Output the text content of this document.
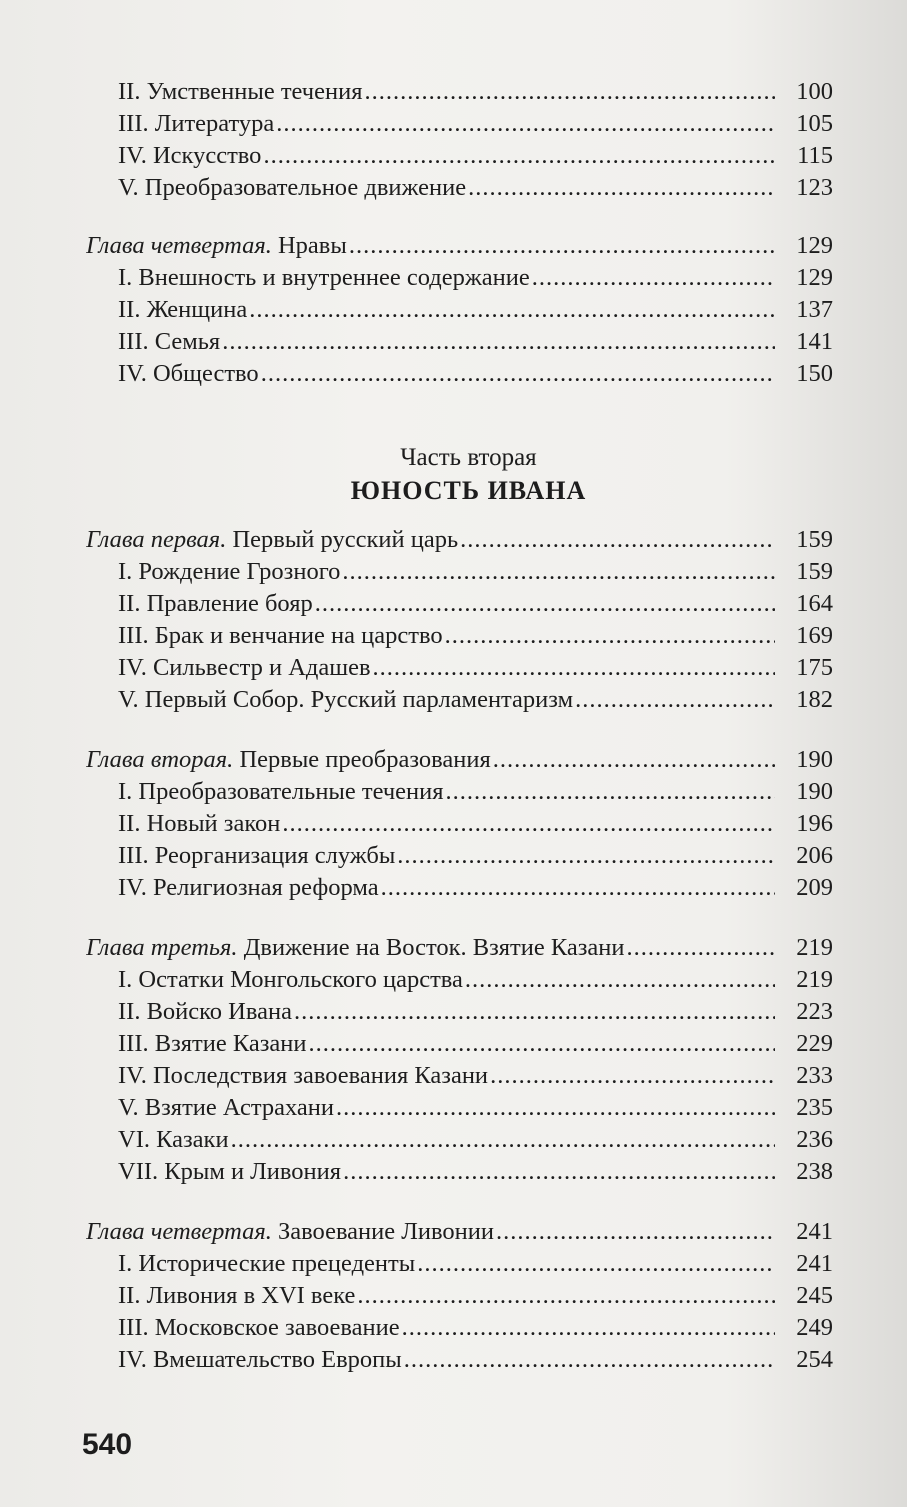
II. Умственные течения .....	100
III. Литература .....	105
IV. Искусство .....	115
V. Преобразовательное движение .....	123
Глава четвертая. Нравы .....	129
I. Внешность и внутреннее содержание .....	129
II. Женщина .....	137
III. Семья .....	141
IV. Общество .....	150
Часть вторая
ЮНОСТЬ ИВАНА
Глава первая. Первый русский царь .....	159
I. Рождение Грозного .....	159
II. Правление бояр .....	164
III. Брак и венчание на царство .....	169
IV. Сильвестр и Адашев .....	175
V. Первый Собор. Русский парламентаризм .....	182
Глава вторая. Первые преобразования .....	190
I. Преобразовательные течения .....	190
II. Новый закон .....	196
III. Реорганизация службы .....	206
IV. Религиозная реформа .....	209
Глава третья. Движение на Восток. Взятие Казани .....	219
I. Остатки Монгольского царства .....	219
II. Войско Ивана .....	223
III. Взятие Казани .....	229
IV. Последствия завоевания Казани .....	233
V. Взятие Астрахани .....	235
VI. Казаки .....	236
VII. Крым и Ливония .....	238
Глава четвертая. Завоевание Ливонии .....	241
I. Исторические прецеденты .....	241
II. Ливония в XVI веке .....	245
III. Московское завоевание .....	249
IV. Вмешательство Европы .....	254
540
